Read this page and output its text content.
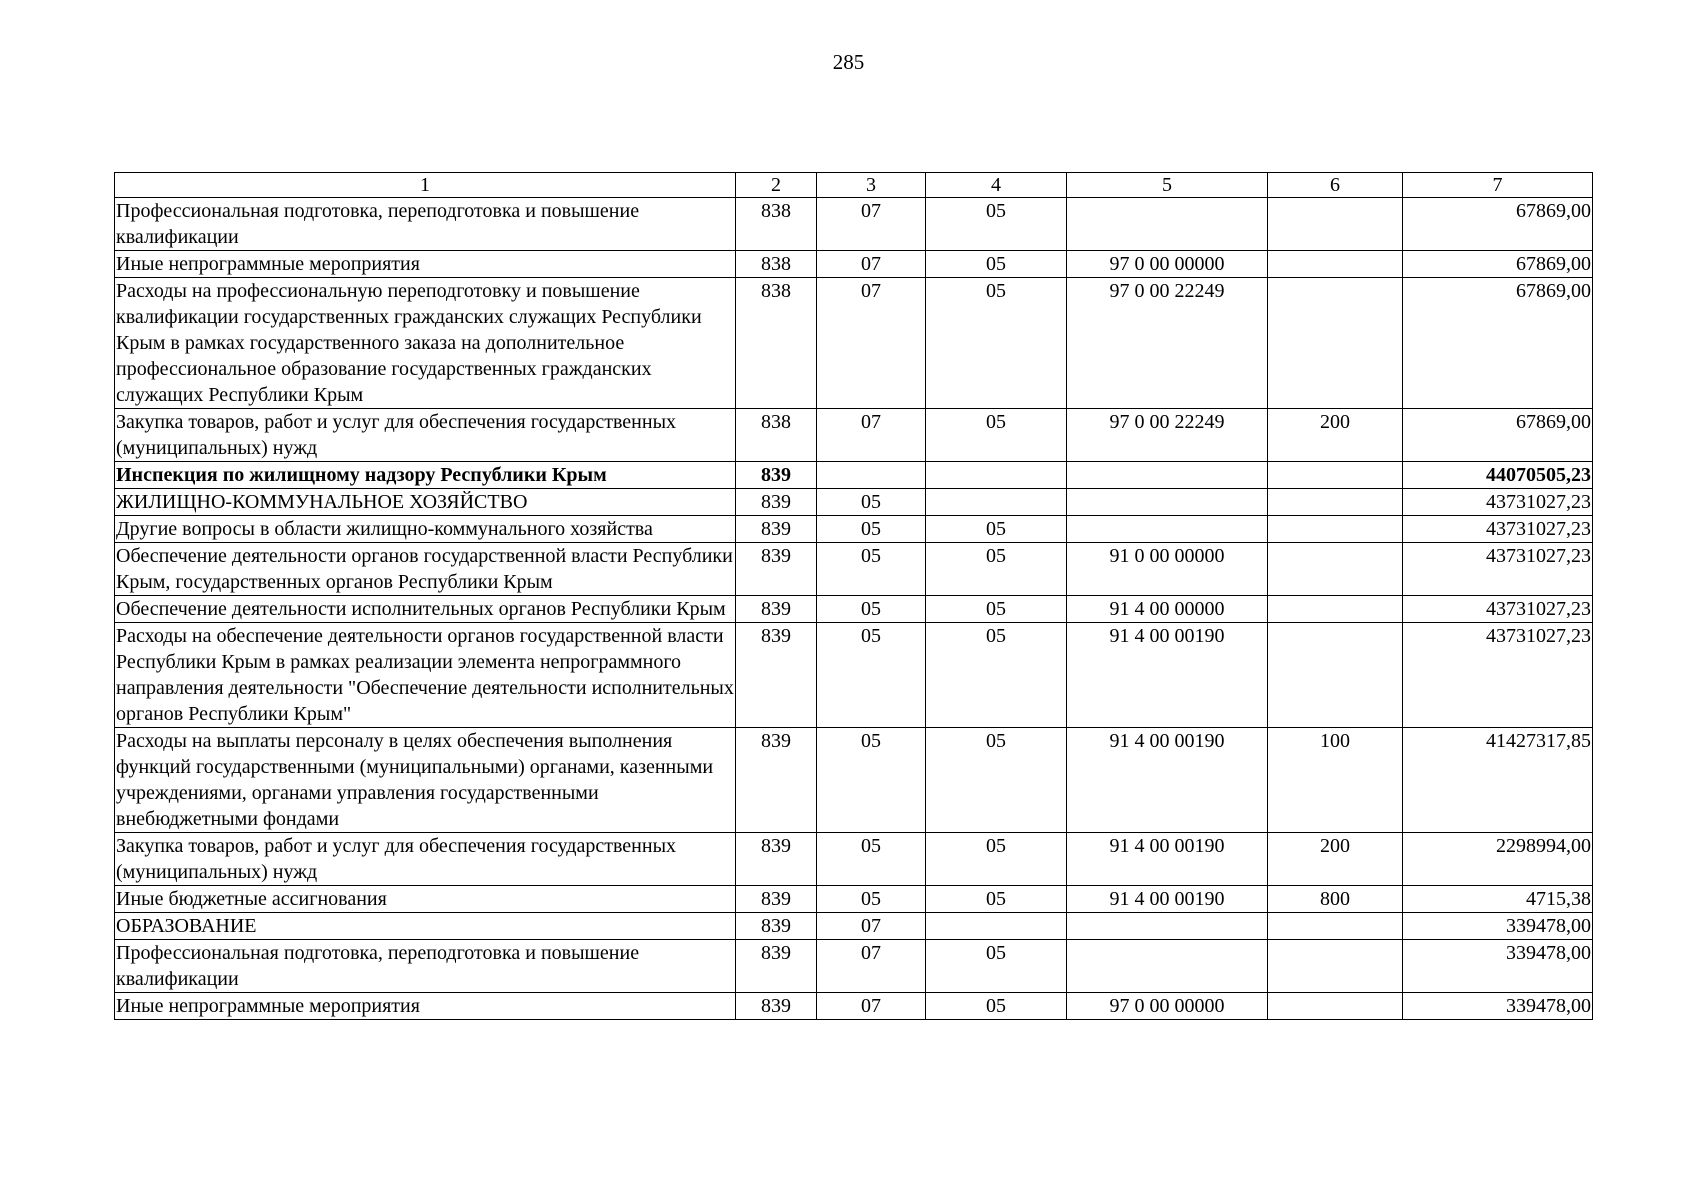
285
1	2	3	4	5	6	7
Профессиональная подготовка, переподготовка и повышение квалификации	838	07	05			67869,00
Иные непрограммные мероприятия	838	07	05	97 0 00 00000		67869,00
Расходы на профессиональную переподготовку и повышение квалификации государственных гражданских служащих Республики Крым в рамках государственного заказа на дополнительное профессиональное образование государственных гражданских служащих Республики Крым	838	07	05	97 0 00 22249		67869,00
Закупка товаров, работ и услуг для обеспечения государственных (муниципальных) нужд	838	07	05	97 0 00 22249	200	67869,00
Инспекция по жилищному надзору Республики Крым	839					44070505,23
ЖИЛИЩНО-КОММУНАЛЬНОЕ ХОЗЯЙСТВО	839	05				43731027,23
Другие вопросы в области жилищно-коммунального хозяйства	839	05	05			43731027,23
Обеспечение деятельности органов государственной власти Республики Крым, государственных органов Республики Крым	839	05	05	91 0 00 00000		43731027,23
Обеспечение деятельности исполнительных органов Республики Крым	839	05	05	91 4 00 00000		43731027,23
Расходы на обеспечение деятельности органов государственной власти Республики Крым в рамках реализации элемента непрограммного направления деятельности "Обеспечение деятельности исполнительных органов Республики Крым"	839	05	05	91 4 00 00190		43731027,23
Расходы на выплаты персоналу в целях обеспечения выполнения функций государственными (муниципальными) органами, казенными учреждениями, органами управления государственными внебюджетными фондами	839	05	05	91 4 00 00190	100	41427317,85
Закупка товаров, работ и услуг для обеспечения государственных (муниципальных) нужд	839	05	05	91 4 00 00190	200	2298994,00
Иные бюджетные ассигнования	839	05	05	91 4 00 00190	800	4715,38
ОБРАЗОВАНИЕ	839	07				339478,00
Профессиональная подготовка, переподготовка и повышение квалификации	839	07	05			339478,00
Иные непрограммные мероприятия	839	07	05	97 0 00 00000		339478,00
